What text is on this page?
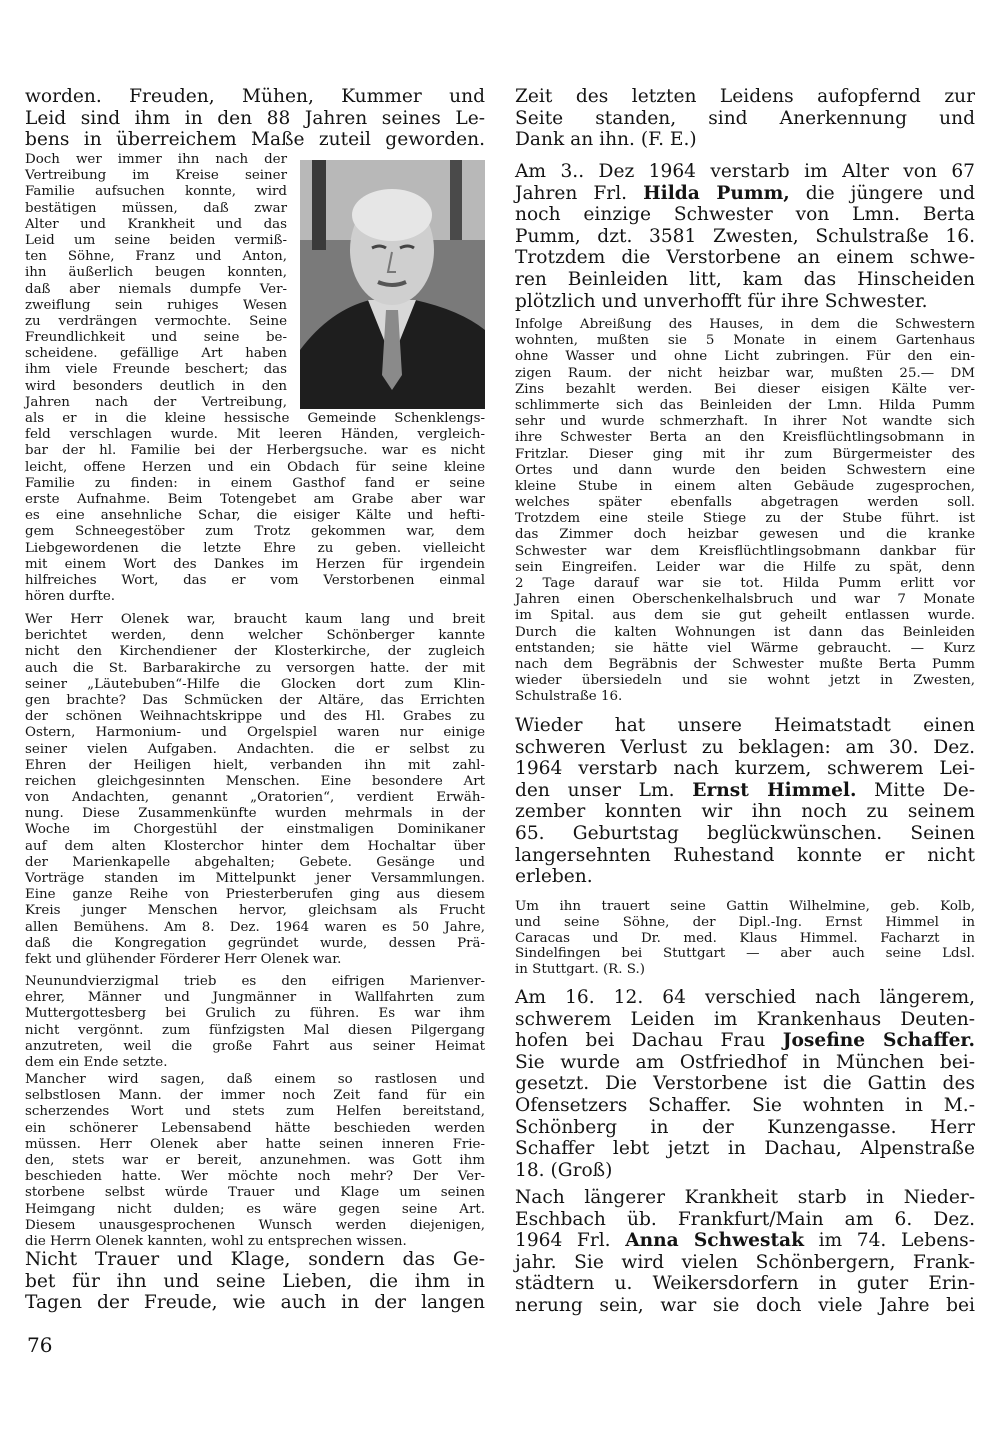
worden. Freuden, Mühen, Kummer und
Leid sind ihm in den 88 Jahren seines Le-
bens in überreichem Maße zuteil geworden.
Doch wer immer ihn nach der
Vertreibung im Kreise seiner
Familie aufsuchen konnte, wird
bestätigen müssen, daß zwar
Alter und Krankheit und das
Leid um seine beiden vermiß-
ten Söhne, Franz und Anton,
ihn äußerlich beugen konnten,
daß aber niemals dumpfe Ver-
zweiflung sein ruhiges Wesen
zu verdrängen vermochte. Seine
Freundlichkeit und seine be-
scheidene. gefällige Art haben
ihm viele Freunde beschert; das
wird besonders deutlich in den
Jahren nach der Vertreibung,
als er in die kleine hessische Gemeinde Schenklengs-
feld verschlagen wurde. Mit leeren Händen, vergleich-
bar der hl. Familie bei der Herbergsuche. war es nicht
leicht, offene Herzen und ein Obdach für seine kleine
Familie zu finden: in einem Gasthof fand er seine
erste Aufnahme. Beim Totengebet am Grabe aber war
es eine ansehnliche Schar, die eisiger Kälte und hefti-
gem Schneegestöber zum Trotz gekommen war, dem
Liebgewordenen die letzte Ehre zu geben. vielleicht
mit einem Wort des Dankes im Herzen für irgendein
hilfreiches Wort, das er vom Verstorbenen einmal
hören durfte.
Wer Herr Olenek war, braucht kaum lang und breit
berichtet werden, denn welcher Schönberger kannte
nicht den Kirchendiener der Klosterkirche, der zugleich
auch die St. Barbarakirche zu versorgen hatte. der mit
seiner „Läutebuben“-Hilfe die Glocken dort zum Klin-
gen brachte? Das Schmücken der Altäre, das Errichten
der schönen Weihnachtskrippe und des Hl. Grabes zu
Ostern, Harmonium- und Orgelspiel waren nur einige
seiner vielen Aufgaben. Andachten. die er selbst zu
Ehren der Heiligen hielt, verbanden ihn mit zahl-
reichen gleichgesinnten Menschen. Eine besondere Art
von Andachten, genannt „Oratorien“, verdient Erwäh-
nung. Diese Zusammenkünfte wurden mehrmals in der
Woche im Chorgestühl der einstmaligen Dominikaner
auf dem alten Klosterchor hinter dem Hochaltar über
der Marienkapelle abgehalten; Gebete. Gesänge und
Vorträge standen im Mittelpunkt jener Versammlungen.
Eine ganze Reihe von Priesterberufen ging aus diesem
Kreis junger Menschen hervor, gleichsam als Frucht
allen Bemühens. Am 8. Dez. 1964 waren es 50 Jahre,
daß die Kongregation gegründet wurde, dessen Prä-
fekt und glühender Förderer Herr Olenek war.
Neunundvierzigmal trieb es den eifrigen Marienver-
ehrer, Männer und Jungmänner in Wallfahrten zum
Muttergottesberg bei Grulich zu führen. Es war ihm
nicht vergönnt. zum fünfzigsten Mal diesen Pilgergang
anzutreten, weil die große Fahrt aus seiner Heimat
dem ein Ende setzte.
Mancher wird sagen, daß einem so rastlosen und
selbstlosen Mann. der immer noch Zeit fand für ein
scherzendes Wort und stets zum Helfen bereitstand,
ein schönerer Lebensabend hätte beschieden werden
müssen. Herr Olenek aber hatte seinen inneren Frie-
den, stets war er bereit, anzunehmen. was Gott ihm
beschieden hatte. Wer möchte noch mehr? Der Ver-
storbene selbst würde Trauer und Klage um seinen
Heimgang nicht dulden; es wäre gegen seine Art.
Diesem unausgesprochenen Wunsch werden diejenigen,
die Herrn Olenek kannten, wohl zu entsprechen wissen.
Nicht Trauer und Klage, sondern das Ge-
bet für ihn und seine Lieben, die ihm in
Tagen der Freude, wie auch in der langen
Zeit des letzten Leidens aufopfernd zur
Seite standen, sind Anerkennung und
Dank an ihn. (F. E.)
Am 3.. Dez 1964 verstarb im Alter von 67
Jahren Frl. Hilda Pumm, die jüngere und
noch einzige Schwester von Lmn. Berta
Pumm, dzt. 3581 Zwesten, Schulstraße 16.
Trotzdem die Verstorbene an einem schwe-
ren Beinleiden litt, kam das Hinscheiden
plötzlich und unverhofft für ihre Schwester.
Infolge Abreißung des Hauses, in dem die Schwestern
wohnten, mußten sie 5 Monate in einem Gartenhaus
ohne Wasser und ohne Licht zubringen. Für den ein-
zigen Raum. der nicht heizbar war, mußten 25.— DM
Zins bezahlt werden. Bei dieser eisigen Kälte ver-
schlimmerte sich das Beinleiden der Lmn. Hilda Pumm
sehr und wurde schmerzhaft. In ihrer Not wandte sich
ihre Schwester Berta an den Kreisflüchtlingsobmann in
Fritzlar. Dieser ging mit ihr zum Bürgermeister des
Ortes und dann wurde den beiden Schwestern eine
kleine Stube in einem alten Gebäude zugesprochen,
welches später ebenfalls abgetragen werden soll.
Trotzdem eine steile Stiege zu der Stube führt. ist
das Zimmer doch heizbar gewesen und die kranke
Schwester war dem Kreisflüchtlingsobmann dankbar für
sein Eingreifen. Leider war die Hilfe zu spät, denn
2 Tage darauf war sie tot. Hilda Pumm erlitt vor
Jahren einen Oberschenkelhalsbruch und war 7 Monate
im Spital. aus dem sie gut geheilt entlassen wurde.
Durch die kalten Wohnungen ist dann das Beinleiden
entstanden; sie hätte viel Wärme gebraucht. — Kurz
nach dem Begräbnis der Schwester mußte Berta Pumm
wieder übersiedeln und sie wohnt jetzt in Zwesten,
Schulstraße 16.
Wieder hat unsere Heimatstadt einen
schweren Verlust zu beklagen: am 30. Dez.
1964 verstarb nach kurzem, schwerem Lei-
den unser Lm. Ernst Himmel. Mitte De-
zember konnten wir ihn noch zu seinem
65. Geburtstag beglückwünschen. Seinen
langersehnten Ruhestand konnte er nicht
erleben.
Um ihn trauert seine Gattin Wilhelmine, geb. Kolb,
und seine Söhne, der Dipl.-Ing. Ernst Himmel in
Caracas und Dr. med. Klaus Himmel. Facharzt in
Sindelfingen bei Stuttgart — aber auch seine Ldsl.
in Stuttgart. (R. S.)
Am 16. 12. 64 verschied nach längerem,
schwerem Leiden im Krankenhaus Deuten-
hofen bei Dachau Frau Josefine Schaffer.
Sie wurde am Ostfriedhof in München bei-
gesetzt. Die Verstorbene ist die Gattin des
Ofensetzers Schaffer. Sie wohnten in M.-
Schönberg in der Kunzengasse. Herr
Schaffer lebt jetzt in Dachau, Alpenstraße
18. (Groß)
Nach längerer Krankheit starb in Nieder-
Eschbach üb. Frankfurt/Main am 6. Dez.
1964 Frl. Anna Schwestak im 74. Lebens-
jahr. Sie wird vielen Schönbergern, Frank-
städtern u. Weikersdorfern in guter Erin-
nerung sein, war sie doch viele Jahre bei
76
